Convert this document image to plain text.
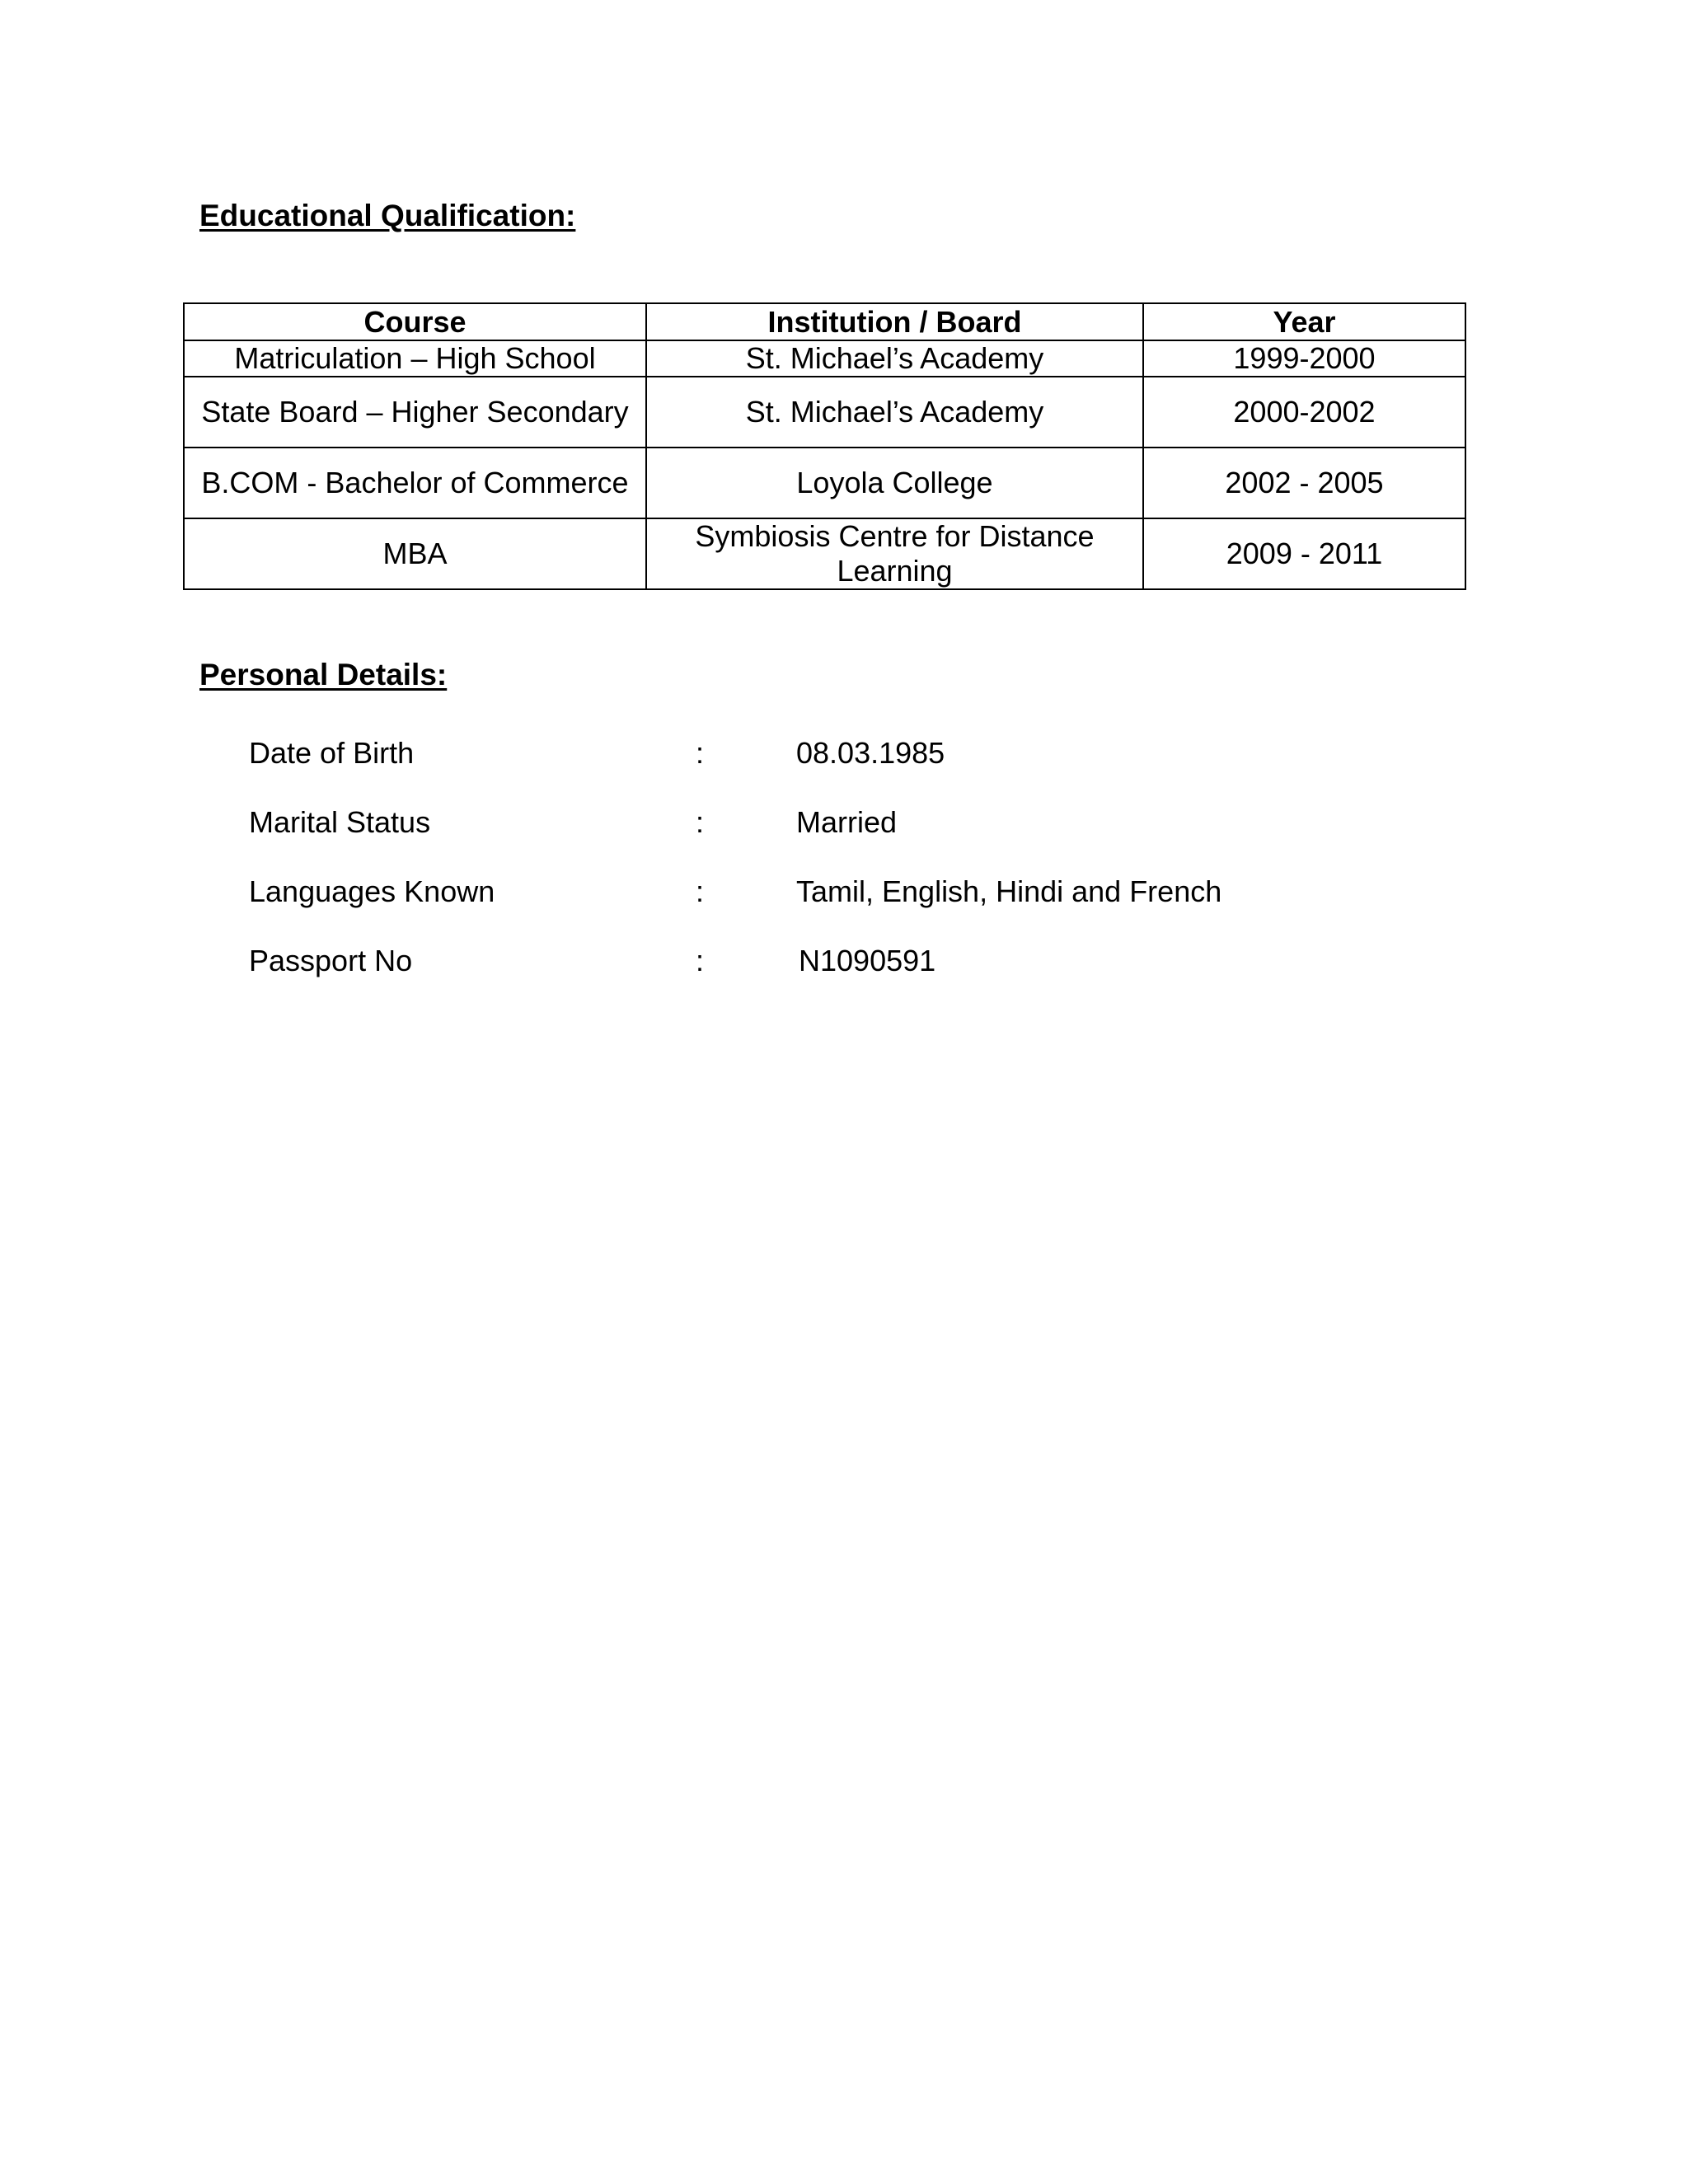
Educational Qualification:
Course	Institution / Board	Year
Matriculation – High School	St. Michael’s Academy	1999-2000
State Board – Higher Secondary	St. Michael’s Academy	2000-2002
B.COM - Bachelor of Commerce	Loyola College	2002 - 2005
MBA	Symbiosis Centre for Distance Learning	2009 - 2011
Personal Details:
Date of Birth	:	08.03.1985
Marital Status	:	Married
Languages Known	:	Tamil, English, Hindi and French
Passport No	:	N1090591
